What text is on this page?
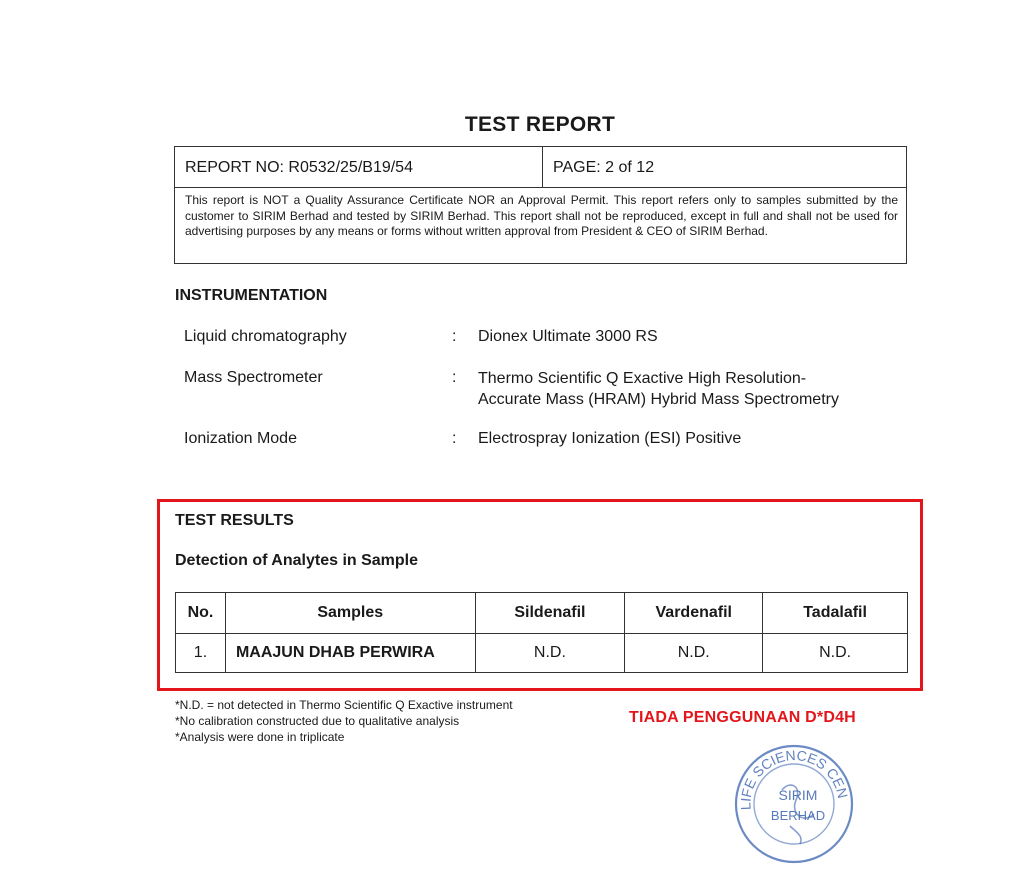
TEST REPORT
REPORT NO: R0532/25/B19/54	PAGE: 2 of 12
This report is NOT a Quality Assurance Certificate NOR an Approval Permit. This report refers only to samples submitted by the customer to SIRIM Berhad and tested by SIRIM Berhad. This report shall not be reproduced, except in full and shall not be used for advertising purposes by any means or forms without written approval from President & CEO of SIRIM Berhad.
INSTRUMENTATION
Liquid chromatography	: Dionex Ultimate 3000 RS
Mass Spectrometer	: Thermo Scientific Q Exactive High Resolution-
Accurate Mass (HRAM) Hybrid Mass Spectrometry
Ionization Mode	: Electrospray Ionization (ESI) Positive
TEST RESULTS
Detection of Analytes in Sample
No.	Samples	Sildenafil	Vardenafil	Tadalafil
1.	MAAJUN DHAB PERWIRA	N.D.	N.D.	N.D.
*N.D. = not detected in Thermo Scientific Q Exactive instrument
*No calibration constructed due to qualitative analysis
*Analysis were done in triplicate
TIADA PENGGUNAAN D*D4H
LIFE SCIENCES CEN
SIRIM
BERHAD
